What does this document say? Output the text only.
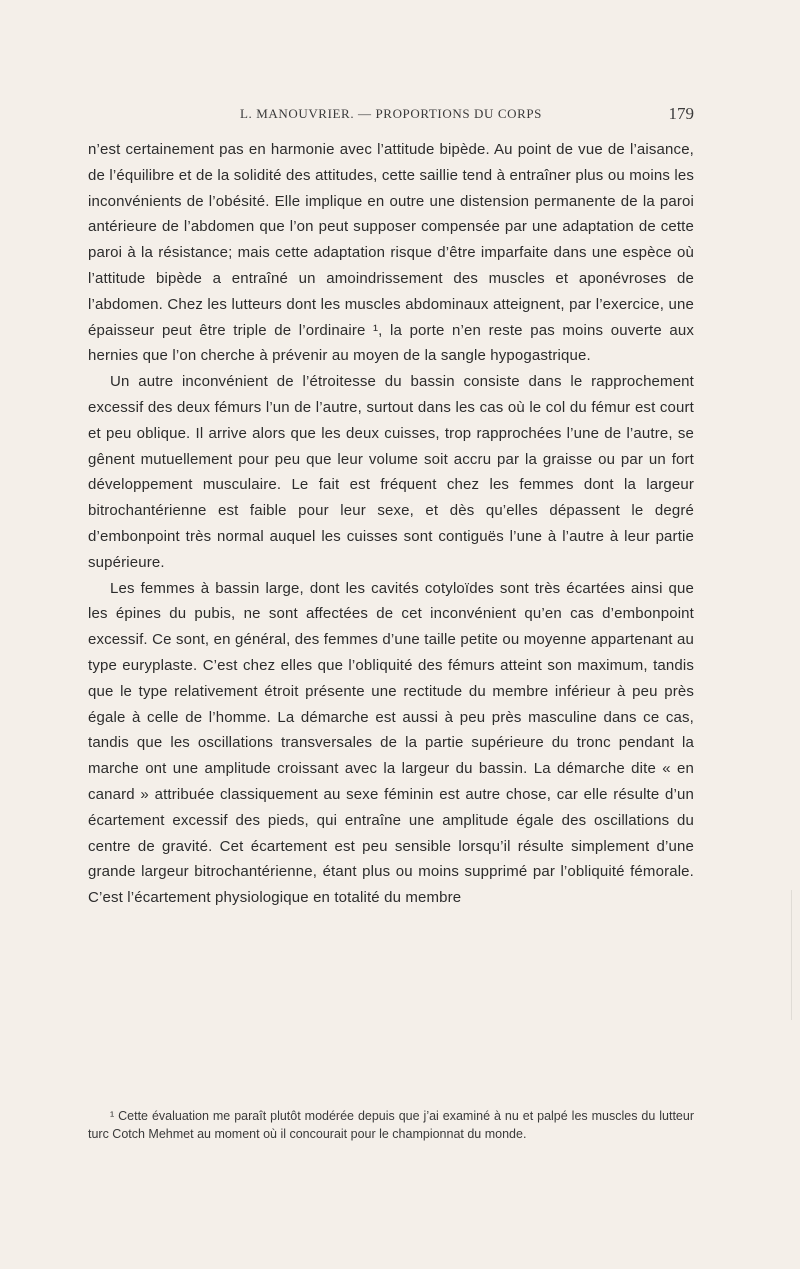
L. MANOUVRIER. — PROPORTIONS DU CORPS	179

n’est certainement pas en harmonie avec l’attitude bipède. Au point de vue de l’aisance, de l’équilibre et de la solidité des attitudes, cette saillie tend à entraîner plus ou moins les inconvénients de l’obésité. Elle implique en outre une distension permanente de la paroi antérieure de l’abdomen que l’on peut supposer compensée par une adaptation de cette paroi à la résistance; mais cette adaptation risque d’être imparfaite dans une espèce où l’attitude bipède a entraîné un amoindrissement des muscles et aponévroses de l’abdomen. Chez les lutteurs dont les muscles abdominaux atteignent, par l’exercice, une épaisseur peut être triple de l’ordinaire ¹, la porte n’en reste pas moins ouverte aux hernies que l’on cherche à prévenir au moyen de la sangle hypogastrique.

Un autre inconvénient de l’étroitesse du bassin consiste dans le rapprochement excessif des deux fémurs l’un de l’autre, surtout dans les cas où le col du fémur est court et peu oblique. Il arrive alors que les deux cuisses, trop rapprochées l’une de l’autre, se gênent mutuellement pour peu que leur volume soit accru par la graisse ou par un fort développement musculaire. Le fait est fréquent chez les femmes dont la largeur bitrochantérienne est faible pour leur sexe, et dès qu’elles dépassent le degré d’embonpoint très normal auquel les cuisses sont contiguës l’une à l’autre à leur partie supérieure.

Les femmes à bassin large, dont les cavités cotyloïdes sont très écartées ainsi que les épines du pubis, ne sont affectées de cet inconvénient qu’en cas d’embonpoint excessif. Ce sont, en général, des femmes d’une taille petite ou moyenne appartenant au type euryplaste. C’est chez elles que l’obliquité des fémurs atteint son maximum, tandis que le type relativement étroit présente une rectitude du membre inférieur à peu près égale à celle de l’homme. La démarche est aussi à peu près masculine dans ce cas, tandis que les oscillations transversales de la partie supérieure du tronc pendant la marche ont une amplitude croissant avec la largeur du bassin. La démarche dite « en canard » attribuée classiquement au sexe féminin est autre chose, car elle résulte d’un écartement excessif des pieds, qui entraîne une amplitude égale des oscillations du centre de gravité. Cet écartement est peu sensible lorsqu’il résulte simplement d’une grande largeur bitrochantérienne, étant plus ou moins supprimé par l’obliquité fémorale. C’est l’écartement physiologique en totalité du membre

¹ Cette évaluation me paraît plutôt modérée depuis que j’ai examiné à nu et palpé les muscles du lutteur turc Cotch Mehmet au moment où il concourait pour le championnat du monde.
